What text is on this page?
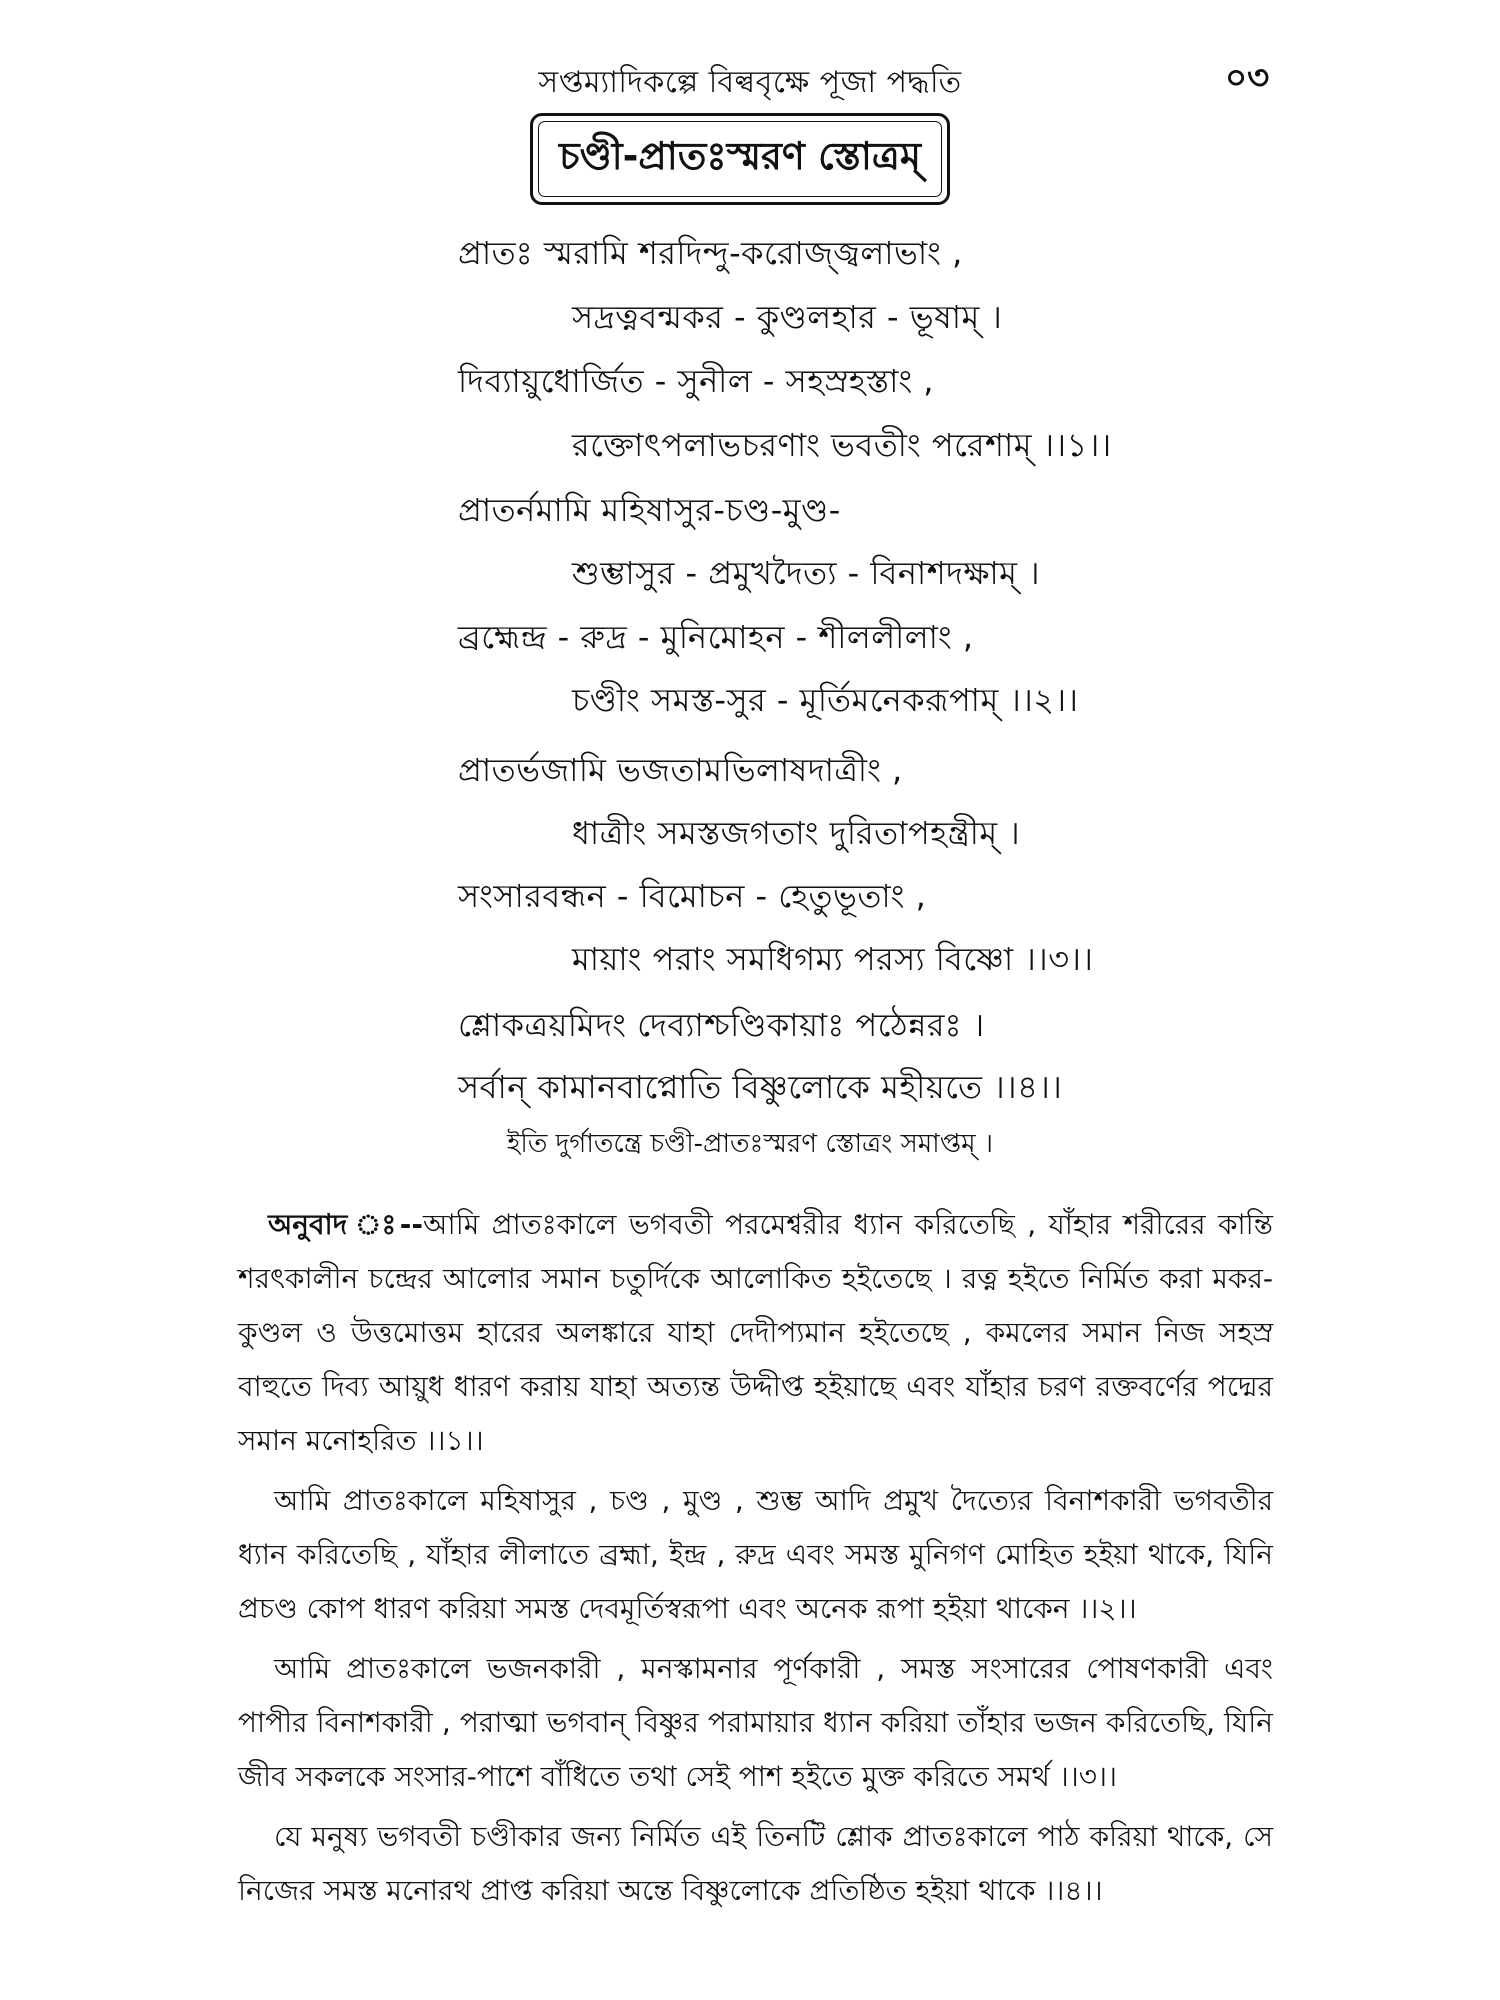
সপ্তম্যাদিকল্পে বিল্ববৃক্ষে পূজা পদ্ধতি	০৩
চণ্ডী-প্রাতঃস্মরণ স্তোত্রম্
প্রাতঃ স্মরামি শরদিন্দু-করোজ্জ্বলাভাং ,
সদ্রত্নবন্মকর - কুণ্ডলহার - ভূষাম্ ।
দিব্যায়ুধোর্জিত - সুনীল - সহস্রহস্তাং ,
রক্তোৎপলাভচরণাং ভবতীং পরেশাম্ ।।১।।
প্রাতর্নমামি মহিষাসুর-চণ্ড-মুণ্ড-
শুম্ভাসুর - প্রমুখদৈত্য - বিনাশদক্ষাম্ ।
ব্রহ্মেন্দ্র - রুদ্র - মুনিমোহন - শীললীলাং ,
চণ্ডীং সমস্ত-সুর - মূর্তিমনেকরূপাম্ ।।২।।
প্রাতর্ভজামি ভজতামভিলাষদাত্রীং ,
ধাত্রীং সমস্তজগতাং দুরিতাপহন্ত্রীম্ ।
সংসারবন্ধন - বিমোচন - হেতুভূতাং ,
মায়াং পরাং সমধিগম্য পরস্য বিষ্ণো ।।৩।।
শ্লোকত্রয়মিদং দেব্যাশ্চণ্ডিকায়াঃ পঠেন্নরঃ ।
সর্বান্ কামানবাপ্নোতি বিষ্ণুলোকে মহীয়তে ।।৪।।
ইতি দুর্গাতন্ত্রে চণ্ডী-প্রাতঃস্মরণ স্তোত্রং সমাপ্তম্ ।

অনুবাদ ঃ--আমি প্রাতঃকালে ভগবতী পরমেশ্বরীর ধ্যান করিতেছি , যাঁহার শরীরের কান্তি শরৎকালীন চন্দ্রের আলোর সমান চতুর্দিকে আলোকিত হইতেছে । রত্ন হইতে নির্মিত করা মকর-কুণ্ডল ও উত্তমোত্তম হারের অলঙ্কারে যাহা দেদীপ্যমান হইতেছে , কমলের সমান নিজ সহস্র বাহুতে দিব্য আয়ুধ ধারণ করায় যাহা অত্যন্ত উদ্দীপ্ত হইয়াছে এবং যাঁহার চরণ রক্তবর্ণের পদ্মের সমান মনোহরিত ।।১।।

আমি প্রাতঃকালে মহিষাসুর , চণ্ড , মুণ্ড , শুম্ভ আদি প্রমুখ দৈত্যের বিনাশকারী ভগবতীর ধ্যান করিতেছি , যাঁহার লীলাতে ব্রহ্মা, ইন্দ্র , রুদ্র এবং সমস্ত মুনিগণ মোহিত হইয়া থাকে, যিনি প্রচণ্ড কোপ ধারণ করিয়া সমস্ত দেবমূর্তিস্বরূপা এবং অনেক রূপা হইয়া থাকেন ।।২।।

আমি প্রাতঃকালে ভজনকারী , মনস্কামনার পূর্ণকারী , সমস্ত সংসারের পোষণকারী এবং পাপীর বিনাশকারী , পরাত্মা ভগবান্ বিষ্ণুর পরামায়ার ধ্যান করিয়া তাঁহার ভজন করিতেছি, যিনি জীব সকলকে সংসার-পাশে বাঁধিতে তথা সেই পাশ হইতে মুক্ত করিতে সমর্থ ।।৩।।

যে মনুষ্য ভগবতী চণ্ডীকার জন্য নির্মিত এই তিনটি শ্লোক প্রাতঃকালে পাঠ করিয়া থাকে, সে নিজের সমস্ত মনোরথ প্রাপ্ত করিয়া অন্তে বিষ্ণুলোকে প্রতিষ্ঠিত হইয়া থাকে ।।৪।।
